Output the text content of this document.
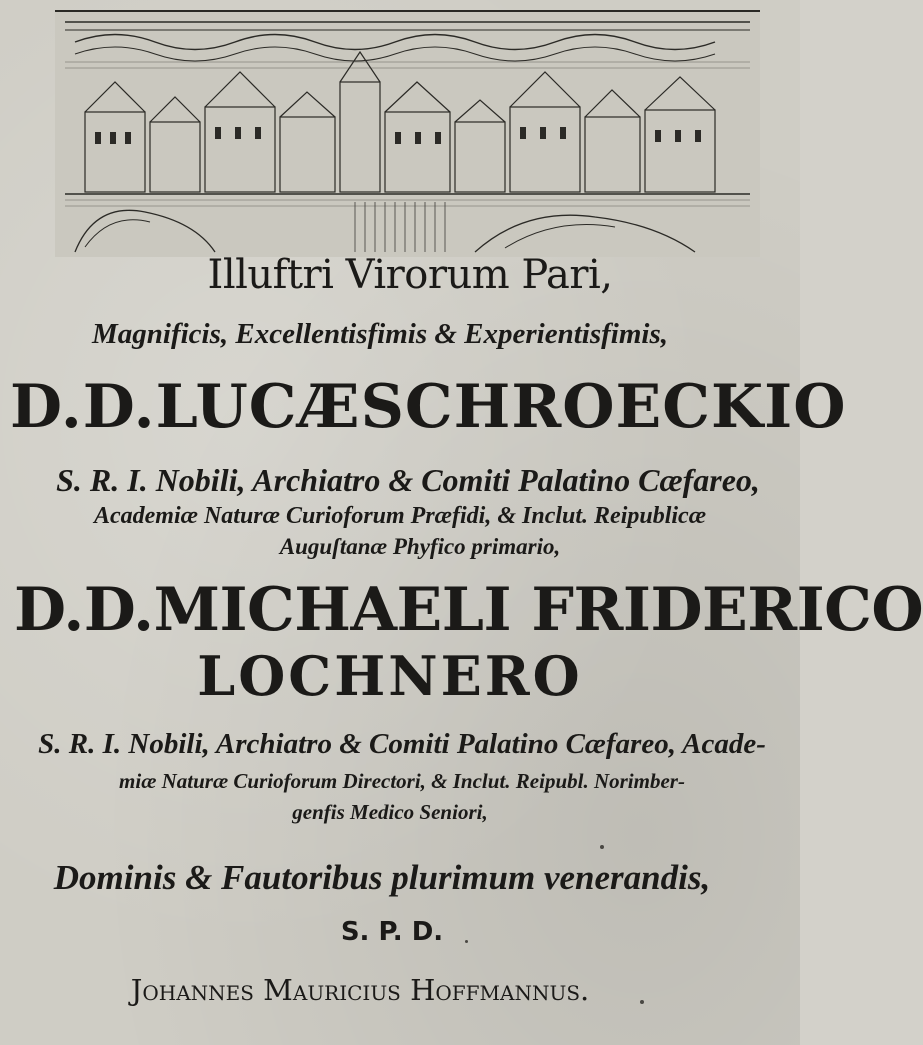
Illuftri Virorum Pari,
Magnificis, Excellentisfimis & Experientisfimis,
D.D.LUCÆSCHROECKIO
S. R. I. Nobili, Archiatro & Comiti Palatino Cæfareo,
Academiæ Naturæ Curioforum Præfidi, & Inclut. Reipublicæ
Auguſtanæ Phyfico primario,
D.D.MICHAELI FRIDERICO
LOCHNERO
S. R. I. Nobili, Archiatro & Comiti Palatino Cæfareo, Acade-
miæ Naturæ Curioforum Directori, & Inclut. Reipubl. Norimber-
genfis Medico Seniori,
Dominis & Fautoribus plurimum venerandis,
S. P. D.
Johannes Mauricius Hoffmannus.
